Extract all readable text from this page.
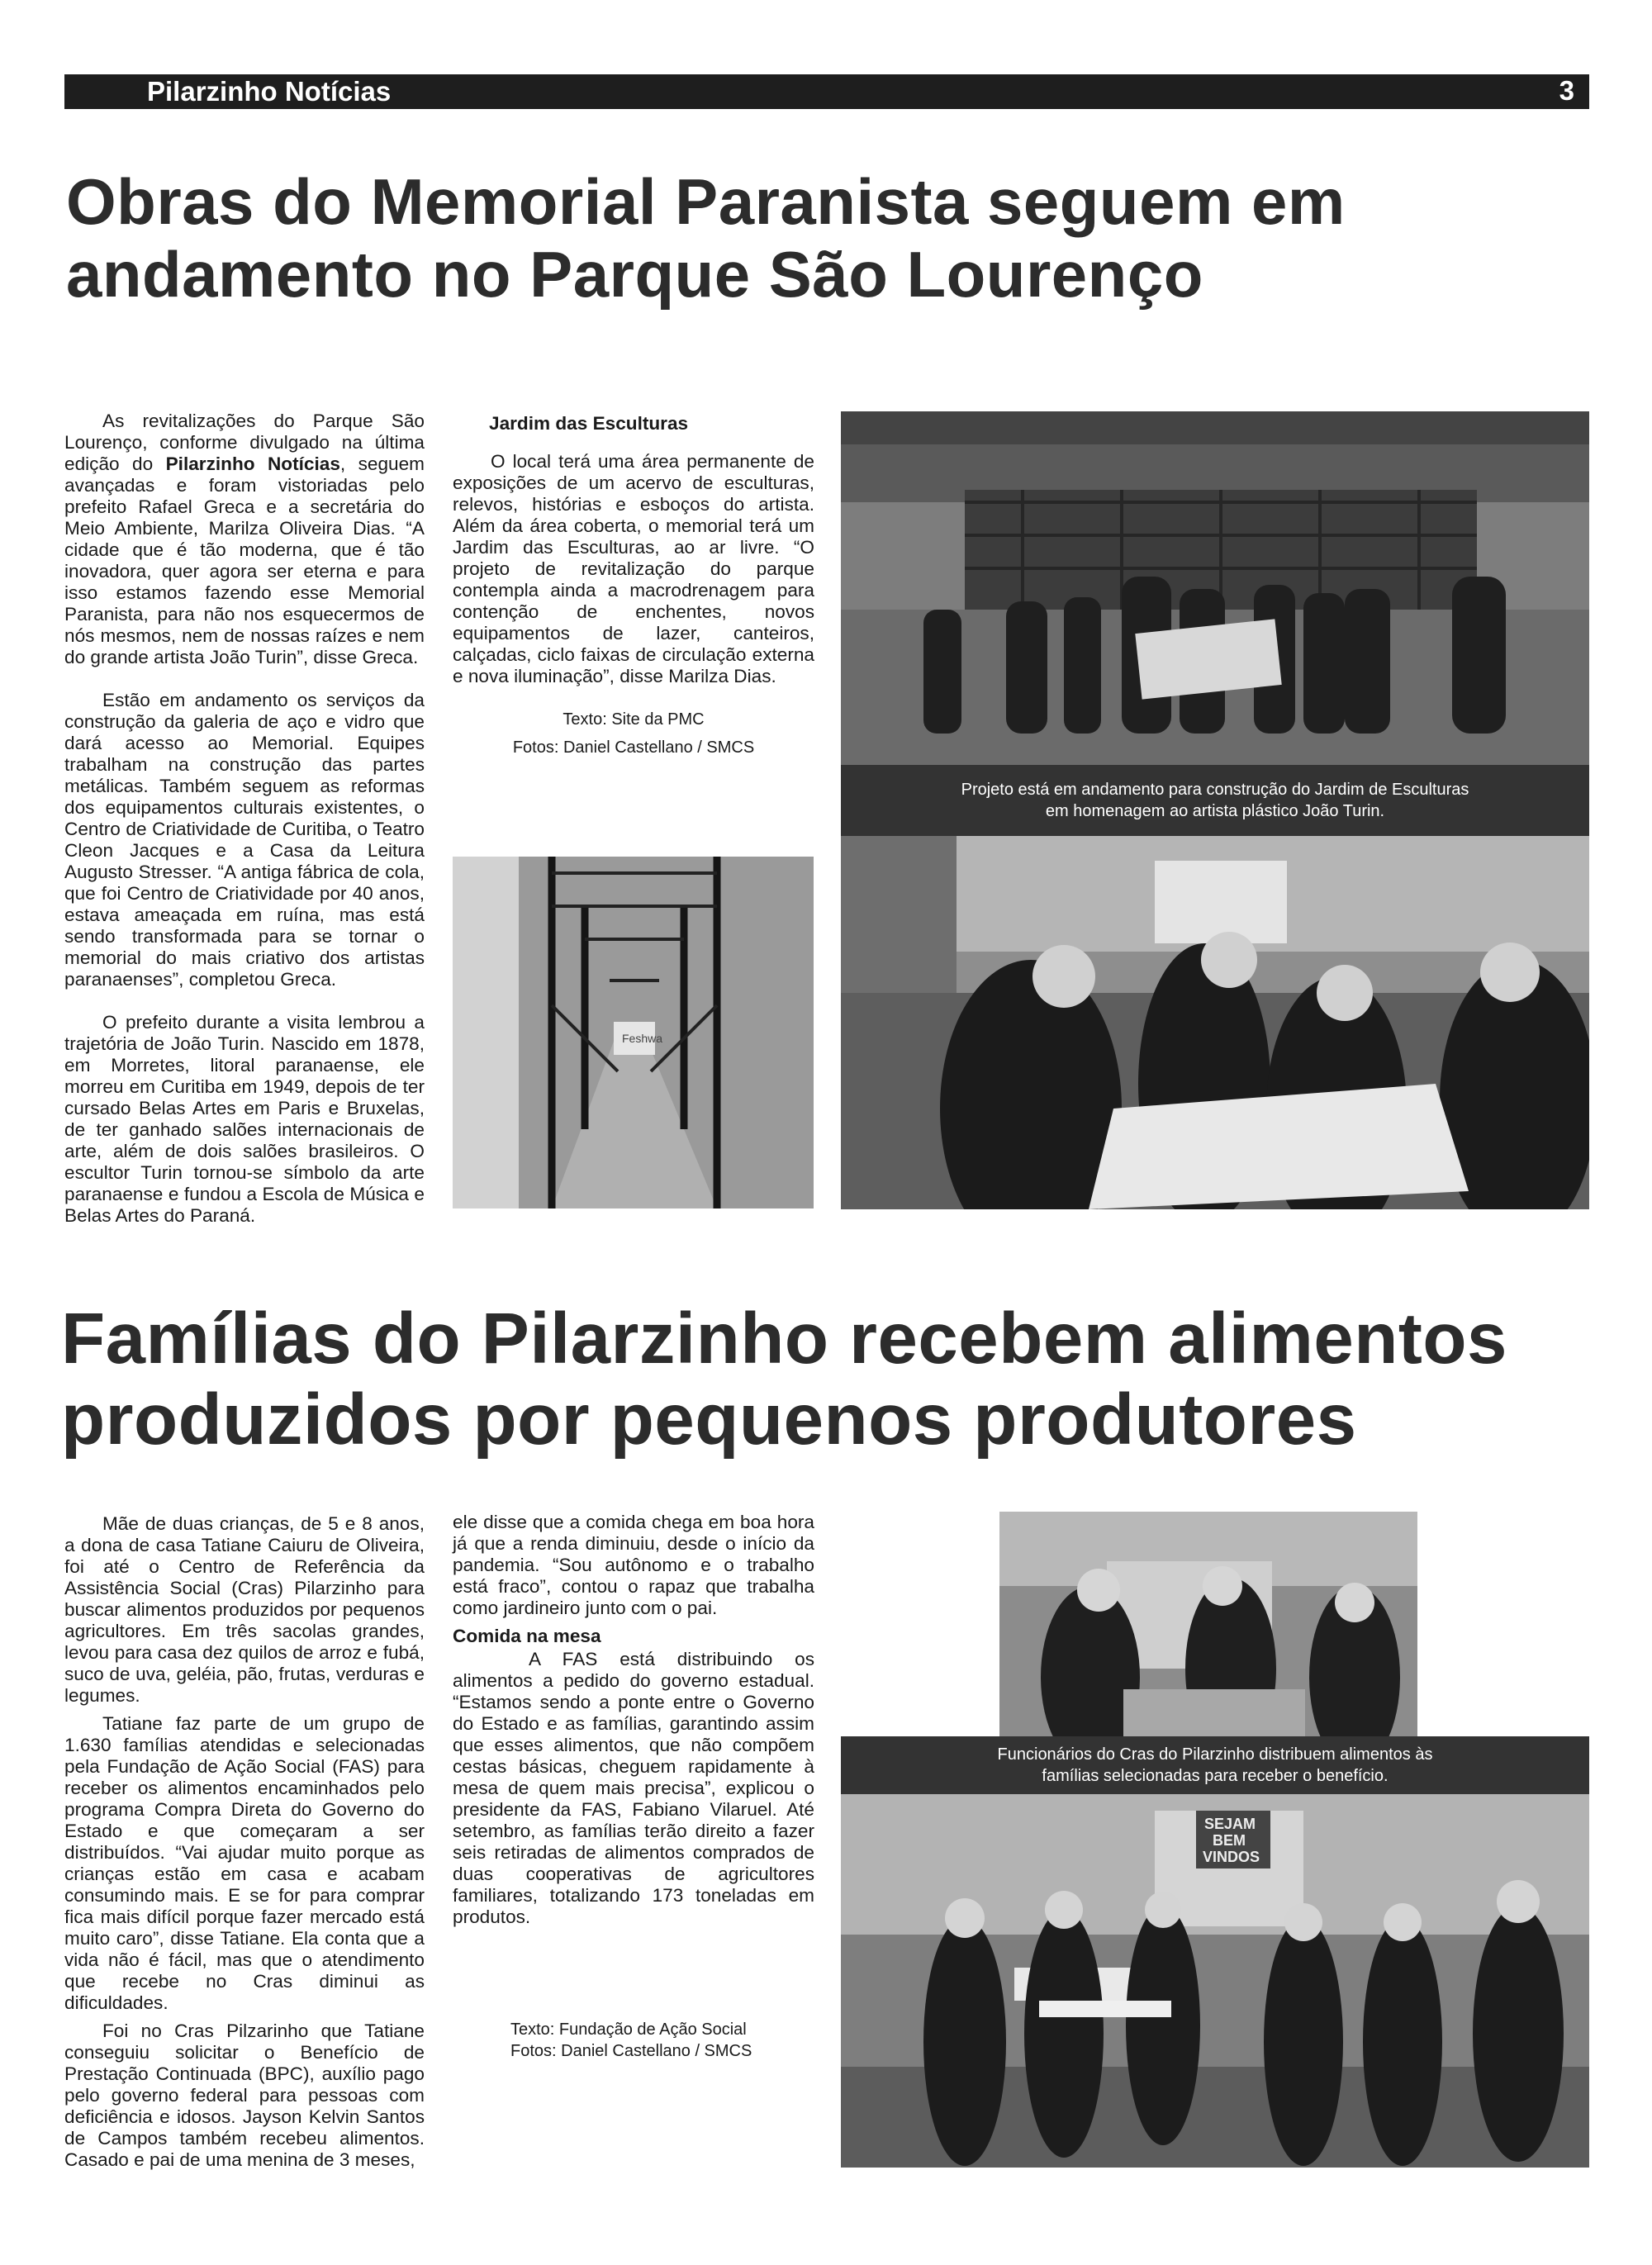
Pilarzinho Notícias	3
Obras do Memorial Paranista seguem em
andamento no Parque São Lourenço

As revitalizações do Parque São Lourenço, conforme divulgado na última edição do Pilarzinho Notícias, seguem avançadas e foram vistoriadas pelo prefeito Rafael Greca e a secretária do Meio Ambiente, Marilza Oliveira Dias. “A cidade que é tão moderna, que é tão inovadora, quer agora ser eterna e para isso estamos fazendo esse Memorial Paranista, para não nos esquecermos de nós mesmos, nem de nossas raízes e nem do grande artista João Turin”, disse Greca.

Estão em andamento os serviços da construção da galeria de aço e vidro que dará acesso ao Memorial. Equipes trabalham na construção das partes metálicas. Também seguem as reformas dos equipamentos culturais existentes, o Centro de Criatividade de Curitiba, o Teatro Cleon Jacques e a Casa da Leitura Augusto Stresser. “A antiga fábrica de cola, que foi Centro de Criatividade por 40 anos, estava ameaçada em ruína, mas está sendo transformada para se tornar o memorial do mais criativo dos artistas paranaenses”, completou Greca.

O prefeito durante a visita lembrou a trajetória de João Turin. Nascido em 1878, em Morretes, litoral paranaense, ele morreu em Curitiba em 1949, depois de ter cursado Belas Artes em Paris e Bruxelas, de ter ganhado salões internacionais de arte, além de dois salões brasileiros. O escultor Turin tornou-se símbolo da arte paranaense e fundou a Escola de Música e Belas Artes do Paraná.

Jardim das Esculturas

O local terá uma área permanente de exposições de um acervo de esculturas, relevos, histórias e esboços do artista. Além da área coberta, o memorial terá um Jardim das Esculturas, ao ar livre. “O projeto de revitalização do parque contempla ainda a macrodrenagem para contenção de enchentes, novos equipamentos de lazer, canteiros, calçadas, ciclo faixas de circulação externa e nova iluminação”, disse Marilza Dias.

Texto: Site da PMC
Fotos: Daniel Castellano / SMCS
Projeto está em andamento para construção do Jardim de Esculturas
em homenagem ao artista plástico João Turin.
Feshwa
Famílias do Pilarzinho recebem alimentos
produzidos por pequenos produtores

Mãe de duas crianças, de 5 e 8 anos, a dona de casa Tatiane Caiuru de Oliveira, foi até o Centro de Referência da Assistência Social (Cras) Pilarzinho para buscar alimentos produzidos por pequenos agricultores. Em três sacolas grandes, levou para casa dez quilos de arroz e fubá, suco de uva, geléia, pão, frutas, verduras e legumes.

Tatiane faz parte de um grupo de 1.630 famílias atendidas e selecionadas pela Fundação de Ação Social (FAS) para receber os alimentos encaminhados pelo programa Compra Direta do Governo do Estado e que começaram a ser distribuídos. “Vai ajudar muito porque as crianças estão em casa e acabam consumindo mais. E se for para comprar fica mais difícil porque fazer mercado está muito caro”, disse Tatiane. Ela conta que a vida não é fácil, mas que o atendimento que recebe no Cras diminui as dificuldades.

Foi no Cras Pilzarinho que Tatiane conseguiu solicitar o Benefício de Prestação Continuada (BPC), auxílio pago pelo governo federal para pessoas com deficiência e idosos. Jayson Kelvin Santos de Campos também recebeu alimentos. Casado e pai de uma menina de 3 meses,

ele disse que a comida chega em boa hora já que a renda diminuiu, desde o início da pandemia. “Sou autônomo e o trabalho está fraco”, contou o rapaz que trabalha como jardineiro junto com o pai.

Comida na mesa

A FAS está distribuindo os alimentos a pedido do governo estadual. “Estamos sendo a ponte entre o Governo do Estado e as famílias, garantindo assim que esses alimentos, que não compõem cestas básicas, cheguem rapidamente à mesa de quem mais precisa”, explicou o presidente da FAS, Fabiano Vilaruel. Até setembro, as famílias terão direito a fazer seis retiradas de alimentos comprados de duas cooperativas de agricultores familiares, totalizando 173 toneladas em produtos.

Texto: Fundação de Ação Social
Fotos: Daniel Castellano / SMCS
Funcionários do Cras do Pilarzinho distribuem alimentos às
famílias selecionadas para receber o benefício.
SEJAM
BEM
VINDOS
